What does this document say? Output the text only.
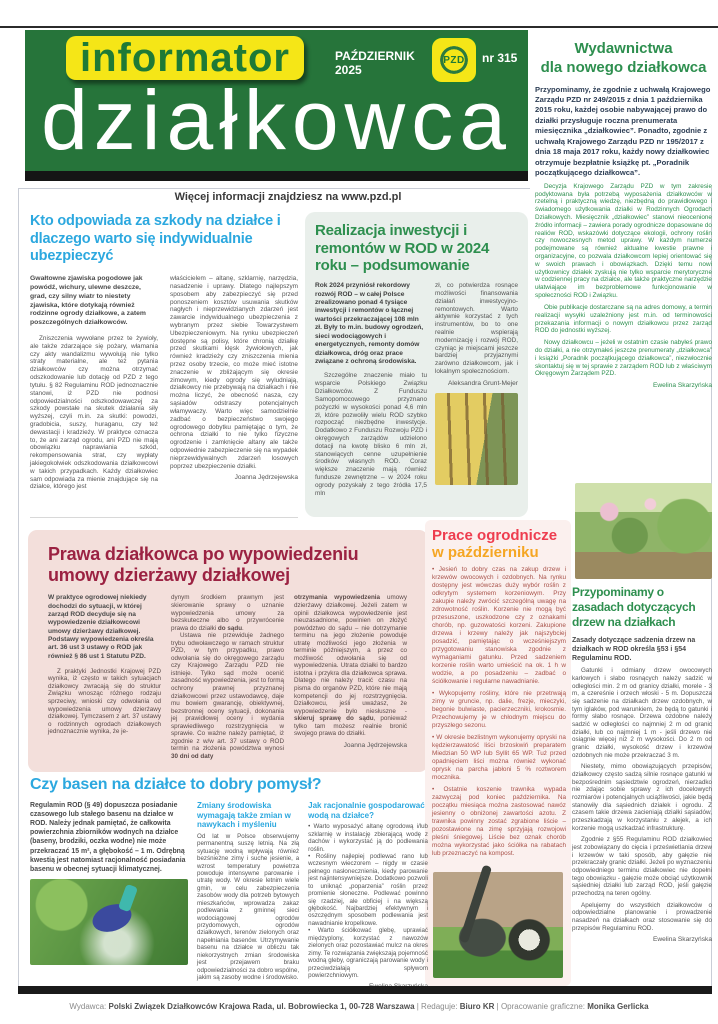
informator	PAŹDZIERNIK 2025
PZD nr 315
działkowca
Więcej informacji znajdziesz na www.pzd.pl
Kto odpowiada za szkody na działce i dlaczego warto się indywidualnie ubezpieczyć

Gwałtowne zjawiska pogodowe jak powódź, wichury, ulewne deszcze, grad, czy silny wiatr to niestety zjawiska, które dotykają również rodzinne ogrody działkowe, a zatem poszczególnych działkowców.

Zniszczenia wywołane przez te żywioły, ale także zdarzające się pożary, włamania czy akty wandalizmu wywołują nie tylko straty materialne, ale też pytania działkowców czy można otrzymać odszkodowanie lub dotację od PZD z tego tytułu. § 82 Regulaminu ROD jednoznacznie stanowi, iż PZD nie podnosi odpowiedzialności odszkodowawczej za szkody powstałe na skutek działania siły wyższej, czyli m.in. za skutki: powodzi, gradobicia, suszy, huraganu, czy też dewastacji i kradzieży. W praktyce oznacza to, że ani zarząd ogrodu, ani PZD nie mają obowiązku naprawiania szkód, rekompensowania strat, czy wypłaty jakiegokolwiek odszkodowania działkowcowi w takich przypadkach. Każdy działkowiec sam odpowiada za mienie znajdujące się na działce, którego jest

właścicielem – altanę, szklarnię, narzędzia, nasadzenie i uprawy. Dlatego najlepszym sposobem aby zabezpieczyć się przed ponoszeniem kosztów usuwania skutków nagłych i nieprzewidzianych zdarzeń jest zawarcie indywidualnego ubezpieczenia z wybranym przez siebie Towarzystwem Ubezpieczeniowym. Na rynku ubezpieczeń dostępne są polisy, które chronią działkę przed skutkami klęsk żywiołowych, jak również kradzieży czy zniszczenia mienia przez osoby trzecie, co może mieć istotne znaczenie w zbliżającym się okresie zimowym, kiedy ogrody się wyludniają, działkowcy nie przebywają na działkach i nie można liczyć, że obecność nasza, czy sąsiadów odstraszy potencjalnych włamywaczy. Warto więc samodzielnie zadbać o bezpieczeństwo swojego ogrodowego dobytku pamiętając o tym, że ochrona działki to nie tylko fizyczne ogrodzenie i zamknięcie altany ale także odpowiednie zabezpieczenie się na wypadek nieprzewidywalnych zdarzeń losowych poprzez ubezpieczenie działki.

Joanna Jędrzejewska

Realizacja inwestycji i remontów w ROD w 2024 roku – podsumowanie

Rok 2024 przyniósł rekordowy rozwój ROD – w całej Polsce zrealizowano ponad 4 tysiące inwestycji i remontów o łącznej wartości przekraczającej 108 mln zł. Były to m.in. budowy ogrodzeń, sieci wodociągowych i energetycznych, remonty domów działkowca, dróg oraz prace związane z ochroną środowiska.

Szczególne znaczenie miało tu wsparcie Polskiego Związku Działkowców. Z Funduszu Samopomocowego przyznano pożyczki w wysokości ponad 4,6 mln zł, które pozwoliły wielu ROD szybko rozpocząć niezbędne inwestycje. Dodatkowo z Funduszu Rozwoju PZD i okręgowych zarządów udzielono dotacji na kwotę blisko 6 mln zł, stanowiących cenne uzupełnienie środków własnych ROD. Coraz większe znaczenie mają również fundusze zewnętrzne – w 2024 roku ogrody pozyskały z tego źródła 17,5 mln

zł, co potwierdza rosnące możliwości finansowania działań inwestycyjno-remontowych. Warto aktywnie korzystać z tych instrumentów, bo to one realnie wspierają modernizację i rozwój ROD, czyniąc je miejscami jeszcze bardziej przyjaznymi zarówno działkowcom, jak i lokalnym społecznościom.

Aleksandra Grunt-Mejer

Wydawnictwa
dla nowego działkowca

Przypominamy, że zgodnie z uchwałą Krajowego Zarządu PZD nr 249/2015 z dnia 1 października 2015 roku, każdej osobie nabywającej prawo do działki przysługuje roczna prenumerata miesięcznika „działkowiec”. Ponadto, zgodnie z uchwałą Krajowego Zarządu PZD nr 195/2017 z dnia 18 maja 2017 roku, każdy nowy działkowiec otrzymuje bezpłatnie książkę pt. „Poradnik początkującego działkowca”.

Decyzja Krajowego Zarządu PZD w tym zakresie podyktowana była potrzebą wyposażenia działkowców w rzetelną i praktyczną wiedzę, niezbędną do prawidłowego i świadomego użytkowania działki w Rodzinnych Ogrodach Działkowych. Miesięcznik „działkowiec” stanowi nieocenione źródło informacji – zawiera porady ogrodnicze dopasowane do realiów ROD, wskazówki dotyczące ekologii, ochrony roślin czy nowoczesnych metod uprawy. W każdym numerze podejmowane są również aktualne kwestie prawne i organizacyjne, co pozwala działkowcom lepiej orientować się w swoich prawach i obowiązkach. Dzięki temu nowi użytkownicy działek zyskują nie tylko wsparcie merytoryczne w codziennej pracy na działce, ale także praktyczne narzędzie ułatwiające im bezproblemowe funkcjonowanie w społeczności ROD i Związku.

Obie publikacje dostarczane są na adres domowy, a termin realizacji wysyłki uzależniony jest m.in. od terminowości przekazania informacji o nowym działkowcu przez zarząd ROD do jednostki wyższej.

Nowy działkowcu – jeżeli w ostatnim czasie nabyłeś prawo do działki, a nie otrzymałeś jeszcze prenumeraty „działkowca” i książki „Poradnik początkującego działkowca”, niezwłocznie skontaktuj się w tej sprawie z zarządem ROD lub z właściwym Okręgowym Zarządem PZD.

Ewelina Skarzyńska

Prawa działkowca po wypowiedzeniu umowy dzierżawy działkowej

W praktyce ogrodowej niekiedy dochodzi do sytuacji, w której zarząd ROD decyduje się na wypowiedzenie działkowcowi umowy dzierżawy działkowej. Podstawy wypowiedzenia określa art. 36 ust 3 ustawy o ROD jak również § 86 ust 1 Statutu PZD.

Z praktyki Jednostki Krajowej PZD wynika, iż często w takich sytuacjach działkowcy zwracają się do struktur Związku wnosząc różnego rodzaju sprzeciwy, wnioski czy odwołania od wypowiedzenia umowy dzierżawy działkowej. Tymczasem z art. 37 ustawy o rodzinnych ogrodach działkowych jednoznacznie wynika, że je-

dynym środkiem prawnym jest skierowanie sprawy o uznanie wypowiedzenia umowy za bezskuteczne albo o przywrócenie prawa do działki do sądu.

Ustawa nie przewiduje żadnego trybu odwoławczego w ramach struktur PZD, w tym przypadku, prawo odwołania się do okręgowego zarządu czy Krajowego Zarządu PZD nie istnieje. Tylko sąd może ocenić zasadność wypowiedzenia, jest to formą ochrony prawnej przyznanej działkowcowi przez ustawodawcę, daje mu bowiem gwarancję, obiektywnej, bezstronnej oceny sytuacji, dokonania jej prawidłowej oceny i wydania sprawiedliwego rozstrzygnięcia w sprawie. Co ważne należy pamiętać, iż zgodnie z w/w art. 37 ustawy o ROD termin na złożenia powództwa wynosi 30 dni od daty

otrzymania wypowiedzenia umowy dzierżawy działkowej. Jeżeli zatem w opinii działkowca wypowiedzenie jest nieuzasadnione, powinien on złożyć powództwo do sądu – nie dotrzymanie terminu na jego złożenie powoduje utratę możliwości jego złożenia w terminie późniejszym, a przez co możliwość odwołania się od wypowiedzenia. Utrata działki to bardzo istotna i przykra dla działkowca sprawa. Dlatego nie należy tracić czasu na pisma do organów PZD, które nie mają kompetencji do jej rozstrzygnięcia. Działkowcu, jeśli uważasz, że wypowiedzenie było niesłuszne - skieruj sprawę do sądu, ponieważ tylko tam możesz realnie bronić swojego prawa do działki.

Joanna Jędrzejewska

Prace ogrodnicze
w październiku

• Jesień to dobry czas na zakup drzew i krzewów owocowych i ozdobnych. Na rynku dostępny jest wówczas duży wybór roślin z odkrytym systemem korzeniowym. Przy zakupie należy zwrócić szczególną uwagę na zdrowotność roślin. Korzenie nie mogą być przesuszone, uszkodzone czy z oznakami chorób, np. guzowatości korzeni. Zakupione drzewa i krzewy należy jak najszybciej posadzić, pamiętając o wcześniejszym przygotowaniu stanowiska zgodnie z wymaganiami gatunku. Przed sadzeniem korzenie roślin warto umieścić na ok. 1 h w wodzie, a po posadzeniu – zadbać o ściółkowanie i regularne nawadnianie.

• Wykopujemy rośliny, które nie przetrwają zimy w gruncie, np. dalie, frezje, mieczyki, begonie bulwiaste, pacierzeczniki, krokosmie. Przechowujemy je w chłodnym miejscu do przyszłego sezonu.

• W okresie bezlistnym wykonujemy opryski na kędzierzawatość liści brzoskwiń preparatem Miedzian 50 WP lub Syllit 65 WP. Tuż przed opadnięciem liści można również wykonać oprysk na parcha jabłoni 5 % roztworem mocznika.

• Ostatnie koszenie trawnika wypada zazwyczaj pod koniec października. Na początku miesiąca można zastosować nawóz jesienny o obniżonej zawartości azotu. Z trawnika powinny zostać zgrabione liście – pozostawione na zimę sprzyjają rozwojowi pleśni śniegowej. Liście bez oznak chorób można wykorzystać jako ściółka na rabatach lub przeznaczyć na kompost.

Przypominamy o zasadach dotyczących drzew na działkach

Zasady dotyczące sadzenia drzew na działkach w ROD określa §53 i §54 Regulaminu ROD.

Gatunki i odmiany drzew owocowych karłowych i słabo rosnących należy sadzić w odległości min. 2 m od granicy działki, morele - 3 m, a czereśnie i orzech włoski - 5 m. Dopuszcza się sadzenie na działkach drzew ozdobnych, w tym iglaków, pod warunkiem, że będą to gatunki i formy słabo rosnące. Drzewa ozdobne należy sadzić w odległości co najmniej 2 m od granic działki, lub co najmniej 1 m - jeśli drzewo nie osiągnie więcej niż 2 m wysokości. Do 2 m od granic działki, wysokość drzew i krzewów ozdobnych nie może przekraczać 3 m.

Niestety, mimo obowiązujących przepisów, działkowcy często sadzą silnie rosnące gatunki w bezpośrednim sąsiedztwie ogrodzeń, nierzadko nie zdając sobie sprawy z ich docelowych rozmiarów i potencjalnych uciążliwości, jakie będą stanowiły dla sąsiednich działek i ogrodu. Z czasem takie drzewa zacieniają działki sąsiadów, przeszkadzają w korzystaniu z alejek, a ich korzenie mogą uszkadzać infrastrukturę.

Zgodnie z §55 Regulaminu ROD działkowiec jest zobowiązany do cięcia i prześwietlania drzew i krzewów w taki sposób, aby gałęzie nie przekraczały granic działki. Jeżeli po wyznaczeniu odpowiedniego terminu działkowiec nie dopełni tego obowiązku - gałęzie może obciąć użytkownik sąsiedniej działki lub zarząd ROD, jeśli gałęzie przechodzą na teren ogólny.

Apelujemy do wszystkich działkowców o odpowiedzialne planowanie i prowadzenie nasadzeń na działkach oraz stosowanie się do przepisów Regulaminu ROD.

Ewelina Skarzyńska

Czy basen na działce to dobry pomysł?

Regulamin ROD (§ 49) dopuszcza posiadanie czasowego lub stałego basenu na działce w ROD. Należy jednak pamiętać, że całkowita powierzchnia zbiorników wodnych na działce (baseny, brodziki, oczka wodne) nie może przekraczać 15 m², a głębokość – 1 m. Odrębną kwestią jest natomiast racjonalność posiadania basenu w obecnej sytuacji klimatycznej.

Zmiany środowiska wymagają także zmian w nawykach i myśleniu

Od lat w Polsce obserwujemy permanentną suszę letnią. Na złą sytuację wodną wpływają również bezśnieżne zimy i suche jesienie, a wzrost temperatury powietrza powoduje intensywne parowanie i utratę wody. W okresie letnim wiele gmin, w celu zabezpieczenia zasobów wody dla potrzeb bytowych mieszkańców, wprowadza zakaz podlewania z gminnej sieci wodociągowej ogrodów przydomowych, ogrodów działkowych, terenów zielonych oraz napełniania basenów. Utrzymywanie basenu na działce w obliczu tak niekorzystnych zmian środowiska jest przejawem braku odpowiedzialności za dobro wspólne, jakim są zasoby wodne i środowisko.

Jak racjonalnie gospodarować wodą na działce?

• Warto wyposażyć altanę ogrodową i/lub szklarnię w instalację zbierającą wodę z dachów i wykorzystać ją do podlewania roślin.

• Rośliny najlepiej podlewać rano lub wczesnym wieczorem – nigdy w czasie pełnego nasłonecznienia, kiedy parowanie jest najintensywniejsze. Dodatkowo pozwoli to uniknąć „poparzenia” roślin przez promienie słoneczne. Podlewać powinno się rzadziej, ale obficiej i na większą głębokość. Najbardziej efektywnym i oszczędnym sposobem podlewania jest nawadnianie kropelkowe.

• Warto ściółkować glebę, uprawiać międzyplony, korzystać z nawozów zielonych oraz pozostawiać mulcz na okres zimy. Te rozwiązania zwiększają pojemność wodną gleby, ograniczają parowanie wody i przeciwdziałają spływom powierzchniowym.

Wydawca: Polski Związek Działkowców Krajowa Rada, ul. Bobrowiecka 1, 00-728 Warszawa | Redaguje: Biuro KR | Opracowanie graficzne: Monika Gerlicka
